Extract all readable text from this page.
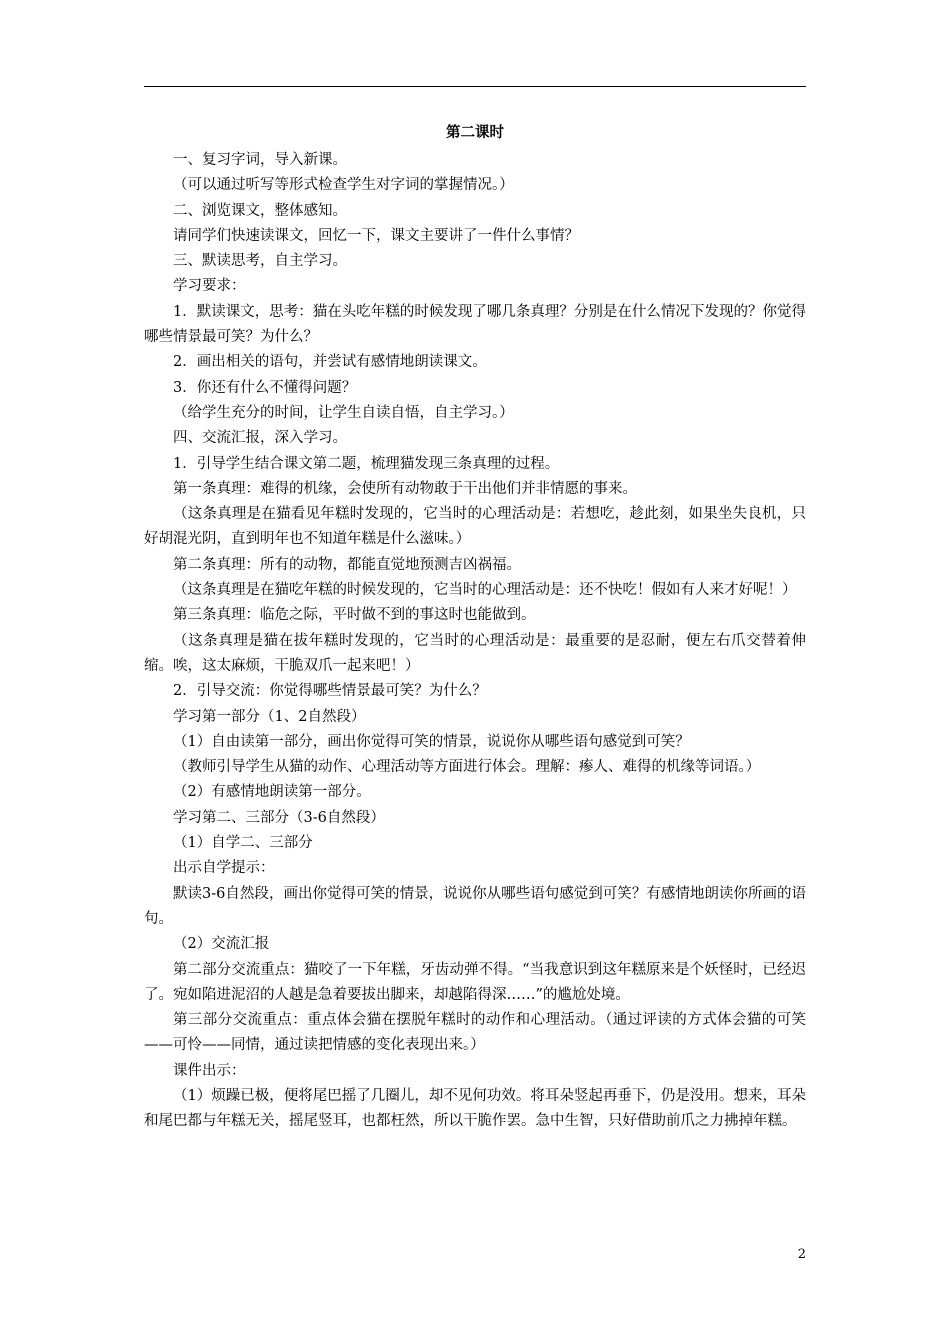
第二课时

一、复习字词，导入新课。

（可以通过听写等形式检查学生对字词的掌握情况。）

二、浏览课文，整体感知。

请同学们快速读课文，回忆一下，课文主要讲了一件什么事情？

三、默读思考，自主学习。

学习要求：

1．默读课文，思考：猫在头吃年糕的时候发现了哪几条真理？分别是在什么情况下发现的？你觉得哪些情景最可笑？为什么？

2．画出相关的语句，并尝试有感情地朗读课文。

3．你还有什么不懂得问题？

（给学生充分的时间，让学生自读自悟，自主学习。）

四、交流汇报，深入学习。

1．引导学生结合课文第二题，梳理猫发现三条真理的过程。

第一条真理：难得的机缘，会使所有动物敢于干出他们并非情愿的事来。

（这条真理是在猫看见年糕时发现的，它当时的心理活动是：若想吃，趁此刻，如果坐失良机，只好胡混光阴，直到明年也不知道年糕是什么滋味。）

第二条真理：所有的动物，都能直觉地预测吉凶祸福。

（这条真理是在猫吃年糕的时候发现的，它当时的心理活动是：还不快吃！假如有人来才好呢！）

第三条真理：临危之际，平时做不到的事这时也能做到。

（这条真理是猫在拔年糕时发现的，它当时的心理活动是：最重要的是忍耐，便左右爪交替着伸缩。唉，这太麻烦，干脆双爪一起来吧！）

2．引导交流：你觉得哪些情景最可笑？为什么？

学习第一部分（1、2自然段）

（1）自由读第一部分，画出你觉得可笑的情景，说说你从哪些语句感觉到可笑？

（教师引导学生从猫的动作、心理活动等方面进行体会。理解：瘆人、难得的机缘等词语。）

（2）有感情地朗读第一部分。

学习第二、三部分（3-6自然段）

（1）自学二、三部分

出示自学提示：

默读3-6自然段，画出你觉得可笑的情景，说说你从哪些语句感觉到可笑？有感情地朗读你所画的语句。

（2）交流汇报

第二部分交流重点：猫咬了一下年糕，牙齿动弹不得。“当我意识到这年糕原来是个妖怪时，已经迟了。宛如陷进泥沼的人越是急着要拔出脚来，却越陷得深……”的尴尬处境。

第三部分交流重点：重点体会猫在摆脱年糕时的动作和心理活动。（通过评读的方式体会猫的可笑——可怜——同情，通过读把情感的变化表现出来。）

课件出示：

（1）烦躁已极，便将尾巴摇了几圈儿，却不见何功效。将耳朵竖起再垂下，仍是没用。想来，耳朵和尾巴都与年糕无关，摇尾竖耳，也都枉然，所以干脆作罢。急中生智，只好借助前爪之力拂掉年糕。

2
